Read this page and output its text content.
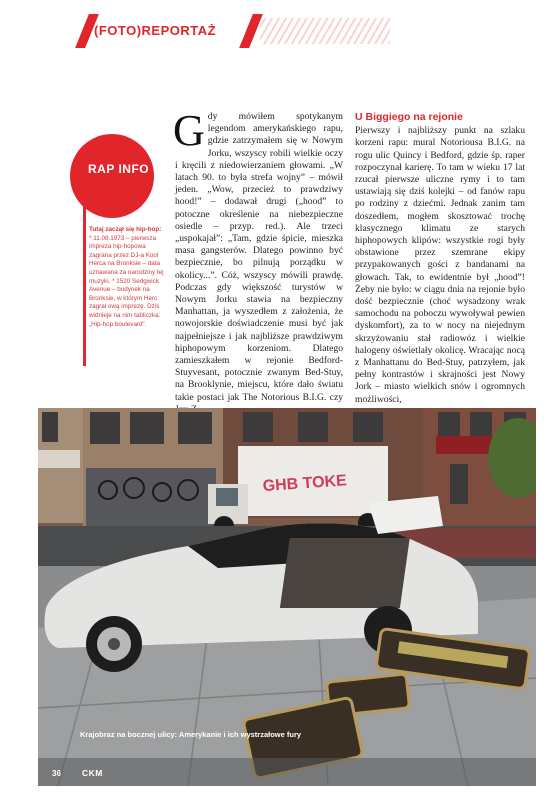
(FOTO)REPORTAŻ
RAP INFO
Tutaj zaczął się hip-hop:
* 11.08.1973 – pierwsza impreza hip-hopowa zagrana przez DJ-a Kool Herca na Bronksie – data uznawana za narodziny tej muzyki. * 1520 Sedgwick Avenue – budynek na Bronksie, w którym Herc zagrał ową imprezę. Dziś widnieje na nim tabliczka: „Hip-hop boulevard”.
Gdy mówiłem spotykanym legendom amerykańskiego rapu, gdzie zatrzymałem się w Nowym Jorku, wszyscy robili wielkie oczy i kręcili z niedowierzaniem głowami. „W latach 90. to była strefa wojny” – mówił jeden. „Wow, przecież to prawdziwy hood!” – dodawał drugi („hood” to potoczne określenie na niebezpieczne osiedle – przyp. red.). Ale trzeci „uspokajał”: „Tam, gdzie śpicie, mieszka masa gangsterów. Dlatego powinno być bezpiecznie, bo pilnują porządku w okolicy...”. Cóż, wszyscy mówili prawdę. Podczas gdy większość turystów w Nowym Jorku stawia na bezpieczny Manhattan, ja wyszedłem z założenia, że nowojorskie doświadczenie musi być jak najpełniejsze i jak najbliższe prawdziwym hiphopowym korzeniom. Dlatego zamieszkałem w rejonie Bedford-Stuyvesant, potocznie zwanym Bed-Stuy, na Brooklynie, miejscu, które dało światu takie postaci jak The Notorious B.I.G. czy
U Biggiego na rejonie
Pierwszy i najbliższy punkt na szlaku korzeni rapu: mural Notoriousa B.I.G. na rogu ulic Quincy i Bedford, gdzie śp. raper rozpoczynał karierę. To tam w wieku 17 lat rzucał pierwsze uliczne rymy i to tam ustawiają się dziś kolejki – od fanów rapu po rodziny z dziećmi. Jednak zanim tam doszedłem, mogłem skosztować trochę klasycznego klimatu ze starych hiphopowych klipów: wszystkie rogi były obstawione przez szemrane ekipy przypakowanych gości z bandanami na głowach. Tak, to ewidentnie był „hood”! Żeby nie było: w ciągu dnia na rejonie było dość bezpiecznie (choć wysadzony wrak samochodu na poboczu wywoływał pewien dyskomfort), za to w nocy na niejednym skrzyżowaniu stał radiowóz i wielkie halogeny oświetlały okolicę. Wracając nocą z Manhattanu do Bed-Stuy, patrzyłem, jak pełny kontrastów i skrajności jest Nowy Jork – miasto wielkich snów i ogromnych możliwości,
GHB TOKE
Krajobraz na bocznej ulicy: Amerykanie i ich wystrzałowe fury
36 CKM
